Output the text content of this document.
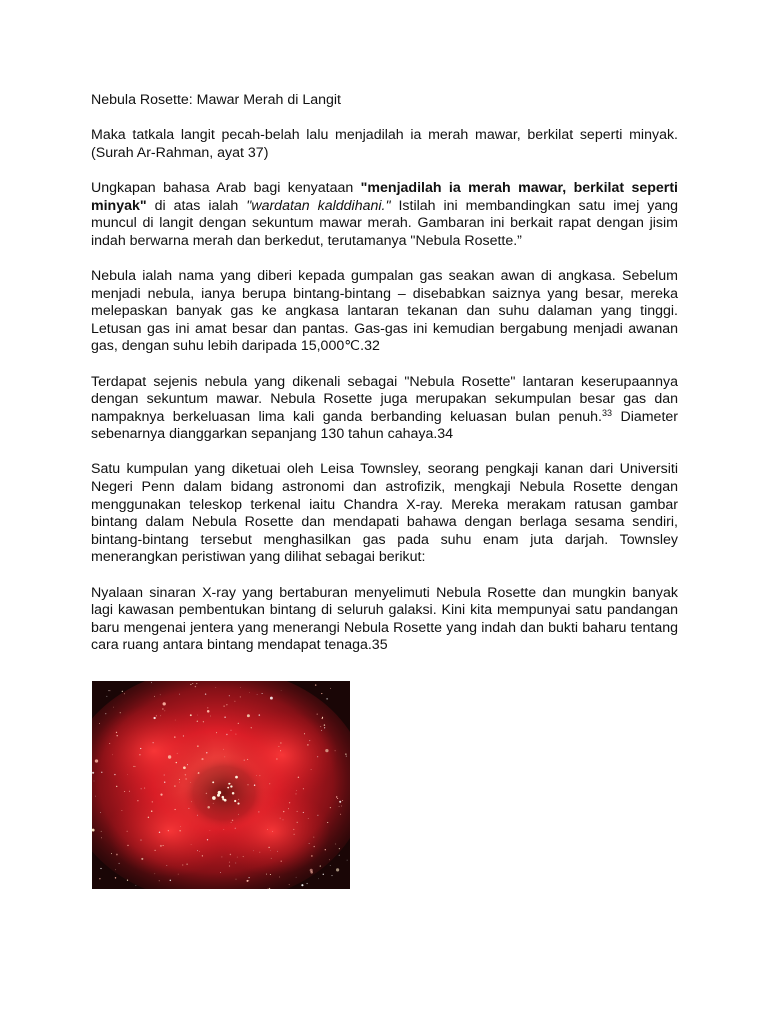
Nebula Rosette: Mawar Merah di Langit

Maka tatkala langit pecah-belah lalu menjadilah ia merah mawar, berkilat seperti minyak. (Surah Ar-Rahman, ayat 37)

Ungkapan bahasa Arab bagi kenyataan "menjadilah ia merah mawar, berkilat seperti minyak" di atas ialah "wardatan kalddihani." Istilah ini membandingkan satu imej yang muncul di langit dengan sekuntum mawar merah. Gambaran ini berkait rapat dengan jisim indah berwarna merah dan berkedut, terutamanya "Nebula Rosette.”

Nebula ialah nama yang diberi kepada gumpalan gas seakan awan di angkasa. Sebelum menjadi nebula, ianya berupa bintang-bintang – disebabkan saiznya yang besar, mereka melepaskan banyak gas ke angkasa lantaran tekanan dan suhu dalaman yang tinggi. Letusan gas ini amat besar dan pantas. Gas-gas ini kemudian bergabung menjadi awanan gas, dengan suhu lebih daripada 15,000℃.32

Terdapat sejenis nebula yang dikenali sebagai "Nebula Rosette" lantaran keserupaannya dengan sekuntum mawar. Nebula Rosette juga merupakan sekumpulan besar gas dan nampaknya berkeluasan lima kali ganda berbanding keluasan bulan penuh.$^{33}$ Diameter sebenarnya dianggarkan sepanjang 130 tahun cahaya.34

Satu kumpulan yang diketuai oleh Leisa Townsley, seorang pengkaji kanan dari Universiti Negeri Penn dalam bidang astronomi dan astrofizik, mengkaji Nebula Rosette dengan menggunakan teleskop terkenal iaitu Chandra X-ray. Mereka merakam ratusan gambar bintang dalam Nebula Rosette dan mendapati bahawa dengan berlaga sesama sendiri, bintang-bintang tersebut menghasilkan gas pada suhu enam juta darjah. Townsley menerangkan peristiwan yang dilihat sebagai berikut:

Nyalaan sinaran X-ray yang bertaburan menyelimuti Nebula Rosette dan mungkin banyak lagi kawasan pembentukan bintang di seluruh galaksi. Kini kita mempunyai satu pandangan baru mengenai jentera yang menerangi Nebula Rosette yang indah dan bukti baharu tentang cara ruang antara bintang mendapat tenaga.35
